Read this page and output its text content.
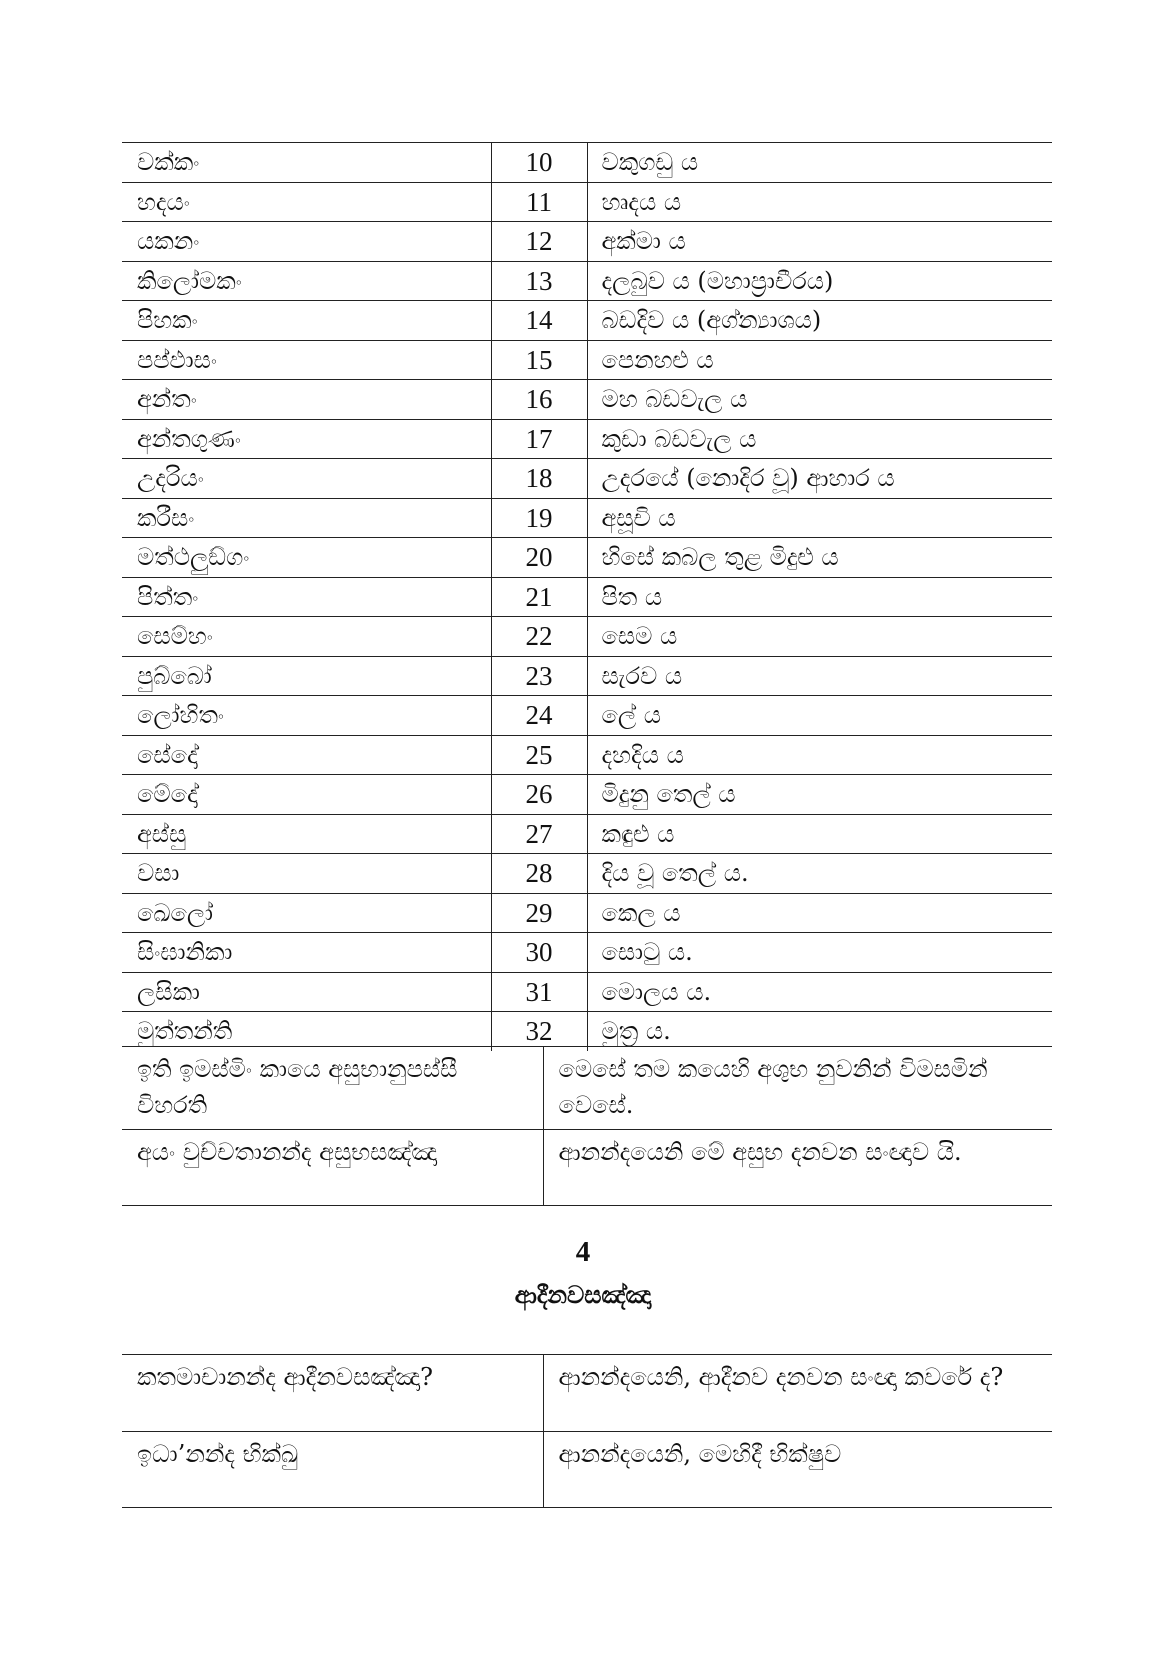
වක්කං	10	වකුගඩු ය
හදයං	11	හෘදය ය
යකනං	12	අක්මා ය
කිලෝමකං	13	දලබුව ය (මහාප්‍රාචීරය)
පිහකං	14	බඩදිව ය (අග්න්‍යාශය)
පප්ඵාසං	15	පෙනහළු ය
අන්තං	16	මහ බඩවැල ය
අන්තගුණං	17	කුඩා බඩවැල ය
උදරියං	18	උදරයේ (නොදිර වූ) ආහාර ය
කරීසං	19	අසූචි ය
මත්ථලුඞ්ගං	20	හිසේ කබල තුළ මිදුළු ය
පිත්තං	21	පිත ය
සෙම්හං	22	සෙම ය
පුබ්බෝ	23	සැරව ය
ලෝහිතං	24	ලේ ය
සේදෝ	25	දහදිය ය
මේදෝ	26	මිදුනු තෙල් ය
අස්සු	27	කඳුළු ය
වසා	28	දිය වූ තෙල් ය.
ඛෙලෝ	29	කෙල ය
සිංඝානිකා	30	සොටු ය.
ලසිකා	31	මොලය ය.
මුත්තන්ති	32	මුත්‍ර ය.
ඉති ඉමස්මිං කායෙ අසුභානුපස්සී විහරති	මෙසේ තම කයෙහි අශුභ නුවනින් විමසමින් වෙසේ.
අයං වුච්චතානන්ද අසුභසඤ්ඤා	ආනන්දයෙනි මේ අසුභ දනවන සංඥාව යි.
4
ආදීනවසඤ්ඤා
කතමාචානන්ද ආදීනවසඤ්ඤා?	ආනන්දයෙනි, ආදීනව දනවන සංඥා කවරේ ද?
ඉධා’නන්ද භික්ඛු	ආනන්දයෙනි, මෙහිදී භික්ෂුව
